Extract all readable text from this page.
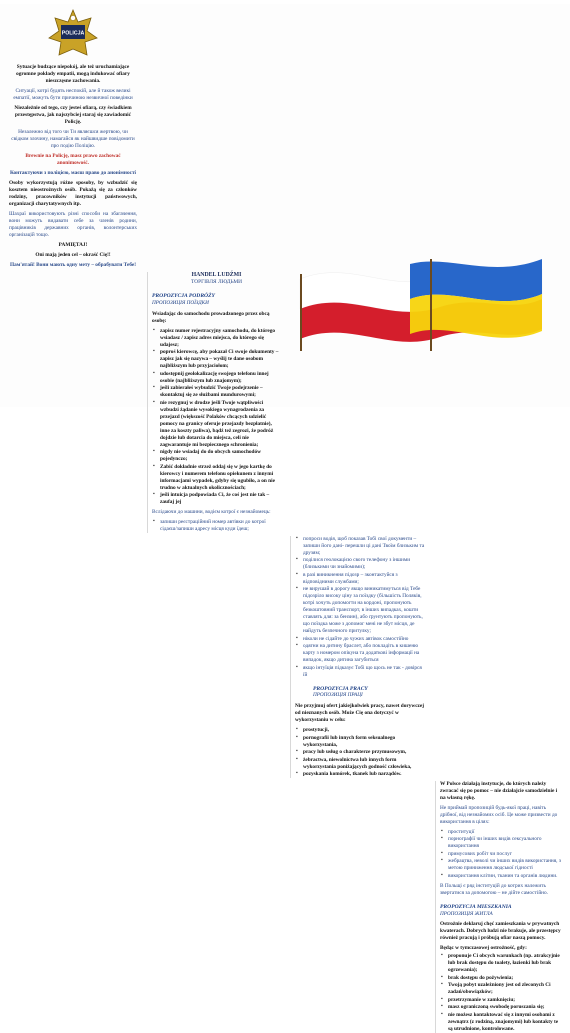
POLICJA

Sytuacje budzące niepokój, ale też uruchamiające ogromne pokłady empatii, mogą indukować ofiary nieszczęsne zachowania.

Ситуації, котрі будять неспокій, але й також великі емпатії, можуть бути причиною незвичної поведінки

Niezależnie od tego, czy jesteś ofiarą, czy świadkiem przestępstwa, jak najszybciej staraj się zawiadomić Policję.

Незалежно від того чи Ти являєшся жертвою, чи свідком злочину, намагайся як найшвидше повідомити про подію Поліцію.

Brewnie na Policję, masz prawo zachować anonimowość.

Контактуючи з поліцією, маєш право до анонімності

Osoby wykorzystują różne sposoby, by wzbudzić się kosztem nieostrożnych osób. Pokażą się za członków rodziny, pracowników instytucji państwowych, organizacji charytatywnych itp.

Шахраї використовують різні способи на збагачення, вони можуть видавати себе за членів родини, працівників державних органів, волонтерських організацій тощо.

PAMIĘTAJ!

Oni mają jeden cel – okraść Cię!!

Пам'ятай! Вони мають одну мету – обрабувати Тебе!

HANDEL LUDŹMI

ТОРГІВЛЯ ЛЮДЬМИ

PROPOZYCJA PODRÓŻY

ПРОПОЗИЦІЯ ПОЇЗДКИ

Wsiadając do samochodu prowadzonego przez obcą osobę:

▪ zapisz numer rejestracyjny samochodu, do którego wsiadasz / zapisz adres miejsca, do którego się udajesz;
▪ poproś kierowcę, aby pokazał Ci swoje dokumenty – zapisz jak się nazywa – wyślij te dane osobom najbliższym lub przyjaciołom;
▪ udostępnij geolokalizację swojego telefonu innej osobie (najbliższym lub znajomym);
▪ jeśli zabierałeś wybudzić Twoje podejrzenie – skontaktuj się ze służbami mundurowymi;
▪ nie rezygnuj w drodze jeśli Twoje wątpliwości wzbudzi żądanie wysokiego wynagrodzenia za przejazd (większość Polaków chcących udzielić pomocy na granicy oferuje przejazdy bezpłatnie), inne za koszty paliwa), bądź też zegrozi, że podróż dojdzie lub dotarcia do miejsca, celi nie zagwarantuje mi bezpiecznego schronienia;
▪ nigdy nie wsiadaj do do obcych samochodów pojedynczo;
▪ Zabić dokładnie strzeż oddaj się w jego kartkę do kierowcy i numerem telefonu opiekunem z innymi informacjami wypadek, gdyby się ugubiło, a on nie trudno w aktualnych okolicznościach;
▪ jeśli intuicja podpowiada Ci, że coś jest nie tak – zaufaj jej

Вслідаючи до машини, водієм котрої є незнайомець:

▪ запиши реєстраційний номер автівки до котрої сідаєш/запиши адресу місця куди їдеш;
▪ попроси водія, щоб показав Тобі свої документи – запиши його дані- перешли ці дані Твоїм близьким та друзям;
▪ поділися геолокацією свого телефону з іншими (близькими чи знайомими);
▪ в разі виникнення підозр – зконтактуйся з відповідними службами;
▪ не вирушай в дорогу якщо виникатимуться від Тебе підозріло високу ціну за поїздку (більшість Поляків, котрі хочуть допомогти на кордоні, пропонують безкоштовний транспорт, в інших випадках, кошти ставлять для: за бензин), або ґрунтують пропонують, що поїздка може з допомог мені не збут місця, де найдуть безпечного притулку;
▪ ніколи не сідайте до чужих автівок самостійно
▪ одягни на дитину браслет, або покладіть в кишеню карту з номером опікуна та додаткові інформації на випадок, якщо дитина загубиться
▪ якщо інтуїція підказує Тобі що щось не так - довірся їй

PROPOZYCJA PRACY

ПРОПОЗИЦІЯ ПРАЦІ

Nie przyjmuj ofert jakiejkolwiek pracy, nawet dorywczej od nieznanych osób. Może Cię ona dotyczyć w wykorzystaniu w celu:

▪ prostytucji,
▪ pornografii lub innych form seksualnego wykorzystania,
▪ pracy lub usług o charakterze przymusowym,
▪ żebractwa, niewolnictwa lub innych form wykorzystania poniżających godność człowieka,
▪ pozyskania komórek, tkanek lub narządów.

W Polsce działają instytucje, do których należy zwracać się po pomoc – nie działajcie samodzielnie i na własną rękę.

Не приймай пропозицій будь-якої праці, навіть дрібної, від незнайомих осіб. Це може призвести до використання в цілях:

▪ проституції
▪ порнографії чи інших видів сексуального використання
▪ примусових робіт чи послуг
▪ жебрацтва, неволі чи інших видів використання, з метою приниження людської гідності
▪ використання клітин, тканин та органів людини.

В Польщі є ряд інституцій до котрих належить звертатися за допомогою – не дійте самостійно.

PROPOZYCJA MIESZKANIA

ПРОПОЗИЦІЯ ЖИТЛА

Ostrożnie deklaruj chęć zamieszkania w prywatnych kwaterach. Dobrych ludzi nie brakuje, ale przestępcy również pracują i próbują ofiar naszą pomocy.

Będąc w tymczasowej ostrożność, gdy:

▪ proponuje Ci obcych warunkach (np. atrakcyjnie lub brak dostępu do toalety, łazienki lub brak ogrzewania);
▪ brak dostępu do pożywienia;
▪ Twoją pobyt uzależniony jest od zleconych Ci zadań/obowiązków;
▪ przetrzymanie w zamknięciu;
▪ masz ograniczoną swobodę poruszania się;
▪ nie możesz kontaktować się z innymi osobami z zewnątrz (z rodziną, znajomymi) lub kontakty te są utrudnione, kontrolowane.
